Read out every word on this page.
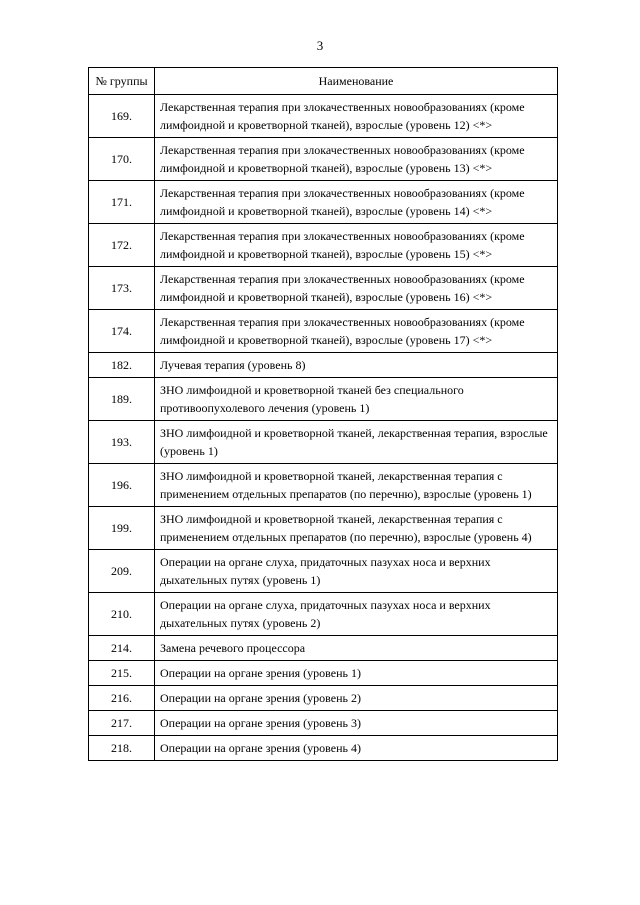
3
№ группы	Наименование
169.	Лекарственная терапия при злокачественных новообразованиях (кроме лимфоидной и кроветворной тканей), взрослые (уровень 12) <*>
170.	Лекарственная терапия при злокачественных новообразованиях (кроме лимфоидной и кроветворной тканей), взрослые (уровень 13) <*>
171.	Лекарственная терапия при злокачественных новообразованиях (кроме лимфоидной и кроветворной тканей), взрослые (уровень 14) <*>
172.	Лекарственная терапия при злокачественных новообразованиях (кроме лимфоидной и кроветворной тканей), взрослые (уровень 15) <*>
173.	Лекарственная терапия при злокачественных новообразованиях (кроме лимфоидной и кроветворной тканей), взрослые (уровень 16) <*>
174.	Лекарственная терапия при злокачественных новообразованиях (кроме лимфоидной и кроветворной тканей), взрослые (уровень 17) <*>
182.	Лучевая терапия (уровень 8)
189.	ЗНО лимфоидной и кроветворной тканей без специального противоопухолевого лечения (уровень 1)
193.	ЗНО лимфоидной и кроветворной тканей, лекарственная терапия, взрослые (уровень 1)
196.	ЗНО лимфоидной и кроветворной тканей, лекарственная терапия с применением отдельных препаратов (по перечню), взрослые (уровень 1)
199.	ЗНО лимфоидной и кроветворной тканей, лекарственная терапия с применением отдельных препаратов (по перечню), взрослые (уровень 4)
209.	Операции на органе слуха, придаточных пазухах носа и верхних дыхательных путях (уровень 1)
210.	Операции на органе слуха, придаточных пазухах носа и верхних дыхательных путях (уровень 2)
214.	Замена речевого процессора
215.	Операции на органе зрения (уровень 1)
216.	Операции на органе зрения (уровень 2)
217.	Операции на органе зрения (уровень 3)
218.	Операции на органе зрения (уровень 4)
